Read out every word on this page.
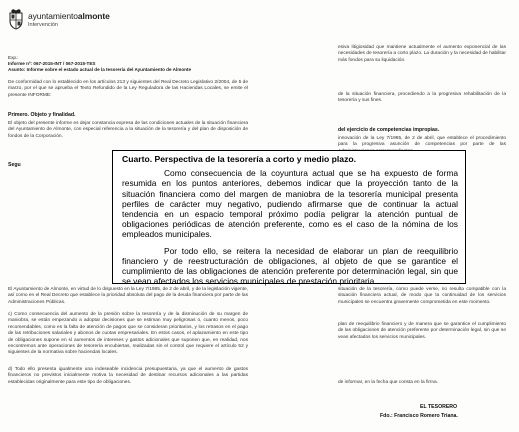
ayuntamientoalmonte
Intervención
Exp.:
Informe nº: 067-2015-INT / 067-2015-TES
Asunto: Informe sobre el estado actual de la tesorería del Ayuntamiento de Almonte
De conformidad con lo establecido en los artículos 213 y siguientes del Real Decreto Legislativo 2/2004, de 5 de marzo, por el que se aprueba el Texto Refundido de la Ley Reguladora de las Haciendas Locales, se emite el presente INFORME:
Primero. Objeto y finalidad.
El objeto del presente informe es dejar constancia expresa de las condiciones actuales de la situación financiera del Ayuntamiento de Almonte, con especial referencia a la situación de la tesorería y del plan de disposición de fondos de la Corporación.
Segu
El Ayuntamiento de Almonte, en virtud de lo dispuesto en la Ley 7/1985, de 2 de abril, y de la legislación vigente, así como en el Real Decreto que establece la prioridad absoluta del pago de la deuda financiera por parte de las Administraciones Públicas.
c) Como consecuencia del aumento de la presión sobre la tesorería y de la disminución de su margen de maniobra, se están empezando a adoptar decisiones que se estiman muy peligrosas o, cuanto menos, poco recomendables, como es la falta de atención de pagos que se consideran prioritarios, y los retrasos en el pago de las retribuciones salariales y abonos de cuotas empresariales. En estos casos, el aplazamiento en este tipo de obligaciones supone en sí aumentos de intereses y gastos adicionales que suponen que, en realidad, nos encontremos ante operaciones de tesorería encubiertas, realizadas sin el control que requiere el artículo 52 y siguientes de la normativa sobre haciendas locales.
d) Todo ello presenta igualmente una indeseable incidencia presupuestaria, ya que el aumento de gastos financieros no previstos inicialmente motiva la necesidad de destinar recursos adicionales a las partidas establecidas originalmente para este tipo de obligaciones.
esiva litigiosidad que mantiene actualmente el aumento exponencial de las necesidades de tesorería a corto plazo. La duración y la necesidad de habilitar más fondos para su liquidación.
de la situación financiera, procediendo a la progresiva rehabilitación de la tesorería y sus fines.
del ejercicio de competencias impropias.
innovación de la Ley 7/1985, de 2 de abril, que establece el procedimiento para la progresiva asunción de competencias por parte de las
situación de la tesorería, como puede verse, no resulta compatible con la situación financiera actual, de modo que la continuidad de los servicios municipales se encuentra gravemente comprometida en este momento.
plan de reequilibrio financiero y de manera que se garantice el cumplimiento de las obligaciones de atención preferente por determinación legal, sin que se vean afectados los servicios municipales.
de informar, en la fecha que consta en la firma.
EL TESORERO
Fdo.: Francisco Romero Triana.
Cuarto. Perspectiva de la tesorería a corto y medio plazo.

Como consecuencia de la coyuntura actual que se ha expuesto de forma resumida en los puntos anteriores, debemos indicar que la proyección tanto de la situación financiera como del margen de maniobra de la tesorería municipal presenta perfiles de carácter muy negativo, pudiendo afirmarse que de continuar la actual tendencia en un espacio temporal próximo podía peligrar la atención puntual de obligaciones periódicas de atención preferente, como es el caso de la nómina de los empleados municipales.

Por todo ello, se reitera la necesidad de elaborar un plan de reequilibrio financiero y de reestructuración de obligaciones, al objeto de que se garantice el cumplimiento de las obligaciones de atención preferente por determinación legal, sin que se vean afectados los servicios municipales de prestación prioritaria.
